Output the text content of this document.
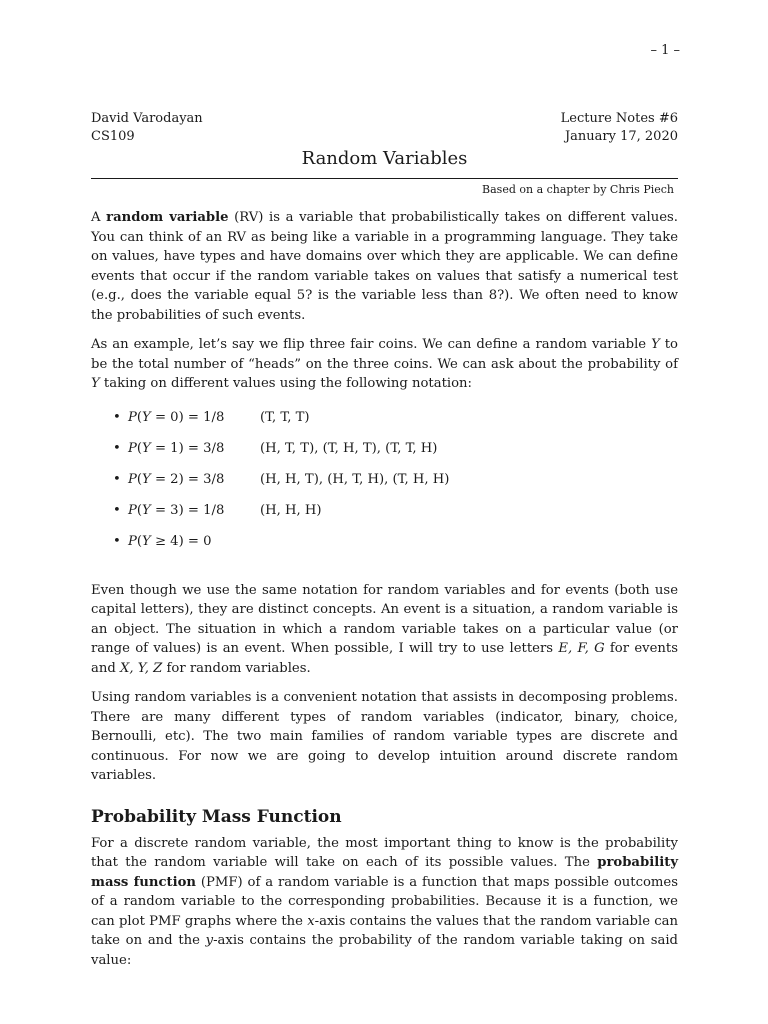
– 1 –
David Varodayan
CS109
Lecture Notes #6
January 17, 2020
Random Variables
Based on a chapter by Chris Piech

A random variable (RV) is a variable that probabilistically takes on different values. You can think of an RV as being like a variable in a programming language. They take on values, have types and have domains over which they are applicable. We can define events that occur if the random variable takes on values that satisfy a numerical test (e.g., does the variable equal 5? is the variable less than 8?). We often need to know the probabilities of such events.

As an example, let’s say we flip three fair coins. We can define a random variable Y to be the total number of “heads” on the three coins. We can ask about the probability of Y taking on different values using the following notation:

• P(Y = 0) = 1/8	(T, T, T)
• P(Y = 1) = 3/8	(H, T, T), (T, H, T), (T, T, H)
• P(Y = 2) = 3/8	(H, H, T), (H, T, H), (T, H, H)
• P(Y = 3) = 1/8	(H, H, H)
• P(Y ≥ 4) = 0

Even though we use the same notation for random variables and for events (both use capital letters), they are distinct concepts. An event is a situation, a random variable is an object. The situation in which a random variable takes on a particular value (or range of values) is an event. When possible, I will try to use letters E, F, G for events and X, Y, Z for random variables.

Using random variables is a convenient notation that assists in decomposing problems. There are many different types of random variables (indicator, binary, choice, Bernoulli, etc). The two main families of random variable types are discrete and continuous. For now we are going to develop intuition around discrete random variables.

Probability Mass Function

For a discrete random variable, the most important thing to know is the probability that the random variable will take on each of its possible values. The probability mass function (PMF) of a random variable is a function that maps possible outcomes of a random variable to the corresponding probabilities. Because it is a function, we can plot PMF graphs where the x-axis contains the values that the random variable can take on and the y-axis contains the probability of the random variable taking on said value:
